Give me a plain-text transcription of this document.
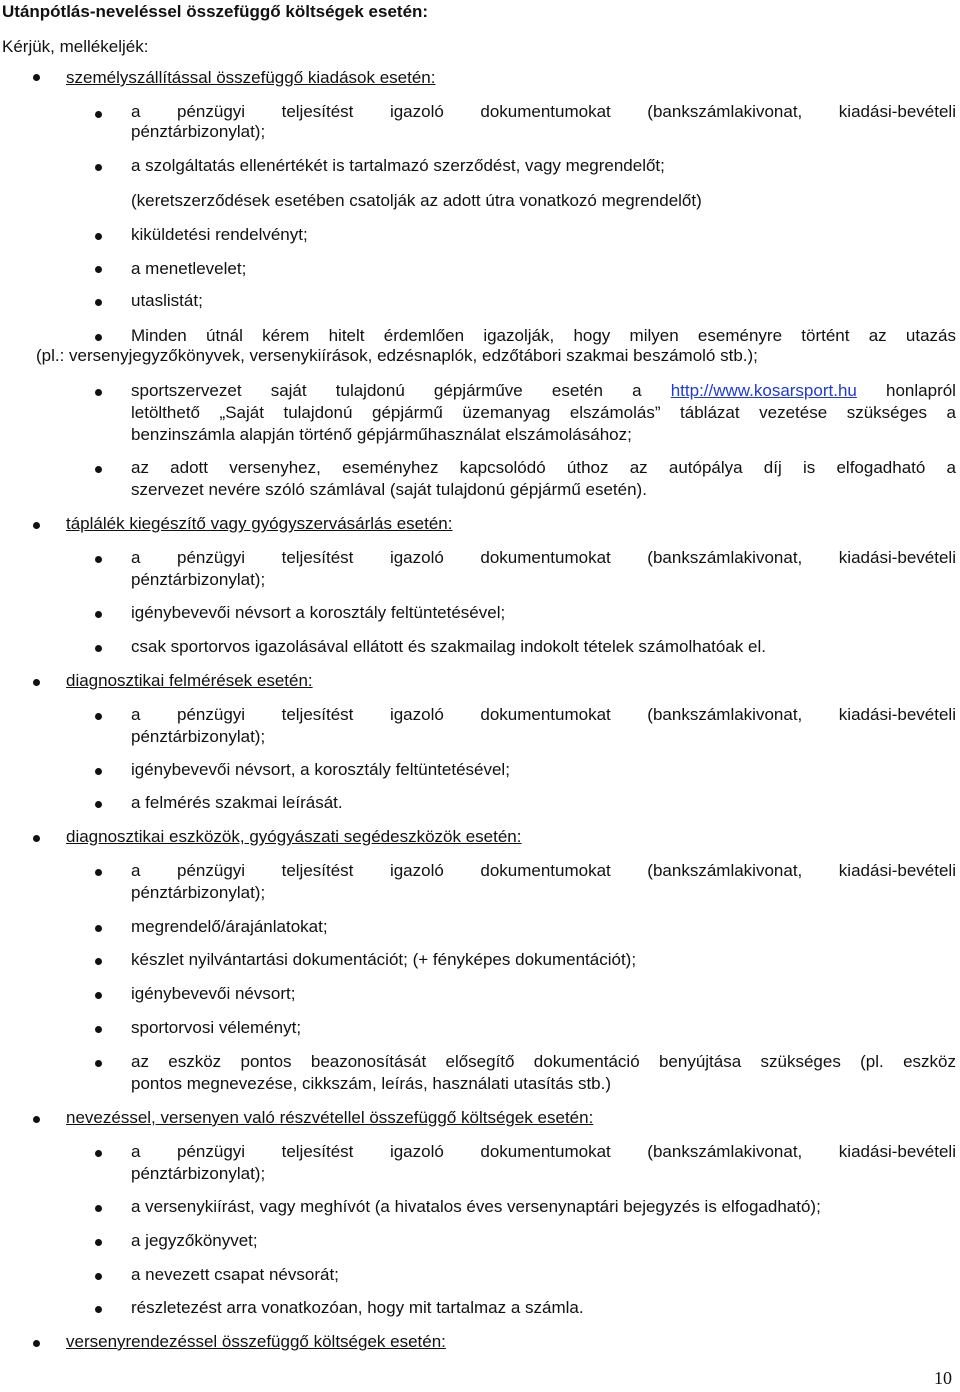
Utánpótlás-neveléssel összefüggő költségek esetén:
Kérjük, mellékeljék:
személyszállítással összefüggő kiadások esetén:
a pénzügyi teljesítést igazoló dokumentumokat (bankszámlakivonat, kiadási-bevételi
pénztárbizonylat);
a szolgáltatás ellenértékét is tartalmazó szerződést, vagy megrendelőt;
(keretszerződések esetében csatolják az adott útra vonatkozó megrendelőt)
kiküldetési rendelvényt;
a menetlevelet;
utaslistát;
Minden útnál kérem hitelt érdemlően igazolják, hogy milyen eseményre történt az utazás
(pl.: versenyjegyzőkönyvek, versenykiírások, edzésnaplók, edzőtábori szakmai beszámoló stb.);
sportszervezet saját tulajdonú gépjárműve esetén a http://www.kosarsport.hu honlapról
letölthető „Saját tulajdonú gépjármű üzemanyag elszámolás” táblázat vezetése szükséges a
benzinszámla alapján történő gépjárműhasználat elszámolásához;
az adott versenyhez, eseményhez kapcsolódó úthoz az autópálya díj is elfogadható a
szervezet nevére szóló számlával (saját tulajdonú gépjármű esetén).
táplálék kiegészítő vagy gyógyszervásárlás esetén:
a pénzügyi teljesítést igazoló dokumentumokat (bankszámlakivonat, kiadási-bevételi
pénztárbizonylat);
igénybevevői névsort a korosztály feltüntetésével;
csak sportorvos igazolásával ellátott és szakmailag indokolt tételek számolhatóak el.
diagnosztikai felmérések esetén:
a pénzügyi teljesítést igazoló dokumentumokat (bankszámlakivonat, kiadási-bevételi
pénztárbizonylat);
igénybevevői névsort, a korosztály feltüntetésével;
a felmérés szakmai leírását.
diagnosztikai eszközök, gyógyászati segédeszközök esetén:
a pénzügyi teljesítést igazoló dokumentumokat (bankszámlakivonat, kiadási-bevételi
pénztárbizonylat);
megrendelő/árajánlatokat;
készlet nyilvántartási dokumentációt; (+ fényképes dokumentációt);
igénybevevői névsort;
sportorvosi véleményt;
az eszköz pontos beazonosítását elősegítő dokumentáció benyújtása szükséges (pl. eszköz
pontos megnevezése, cikkszám, leírás, használati utasítás stb.)
nevezéssel, versenyen való részvétellel összefüggő költségek esetén:
a pénzügyi teljesítést igazoló dokumentumokat (bankszámlakivonat, kiadási-bevételi
pénztárbizonylat);
a versenykiírást, vagy meghívót (a hivatalos éves versenynaptári bejegyzés is elfogadható);
a jegyzőkönyvet;
a nevezett csapat névsorát;
részletezést arra vonatkozóan, hogy mit tartalmaz a számla.
versenyrendezéssel összefüggő költségek esetén:
10
